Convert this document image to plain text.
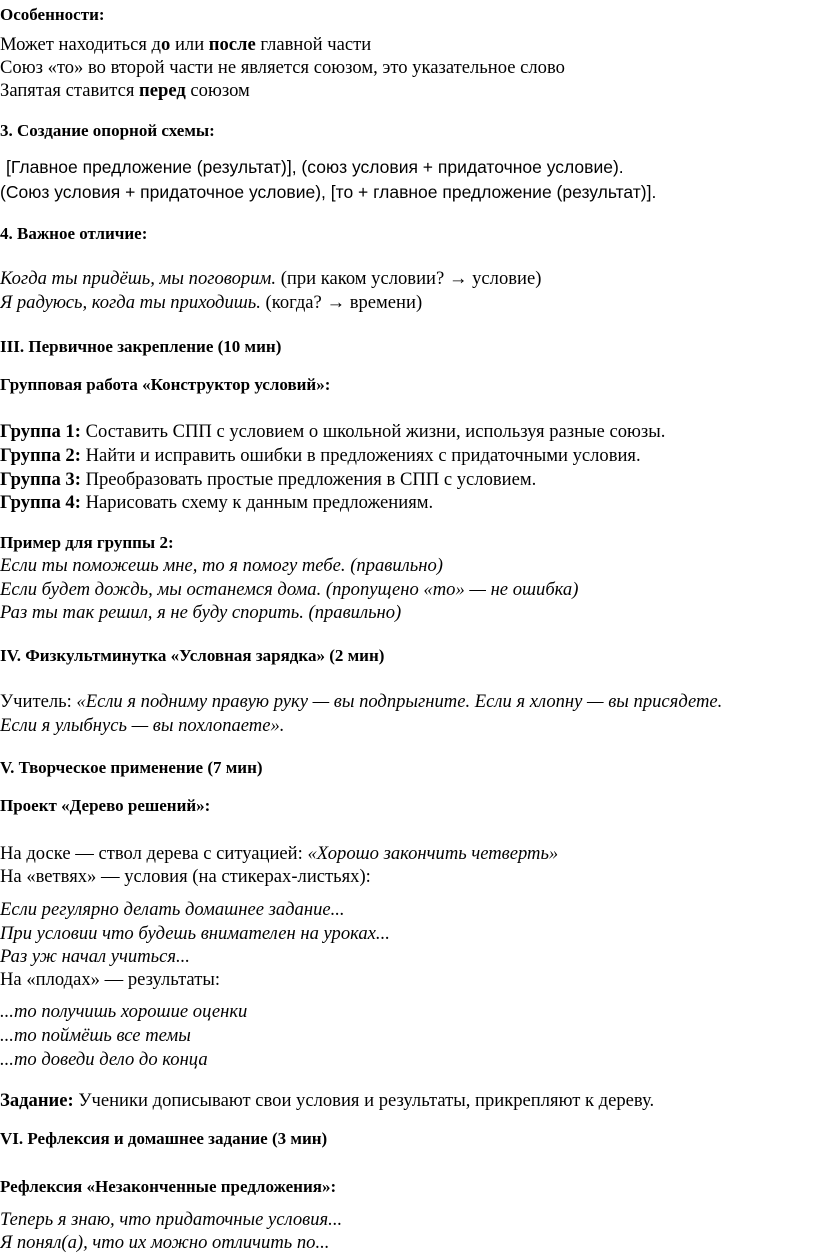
Особенности:
Может находиться до или после главной части
Союз «то» во второй части не является союзом, это указательное слово
Запятая ставится перед союзом
3. Создание опорной схемы:
[Главное предложение (результат)], (союз условия + придаточное условие).
(Союз условия + придаточное условие), [то + главное предложение (результат)].
4. Важное отличие:
Когда ты придёшь, мы поговорим. (при каком условии? → условие)
Я радуюсь, когда ты приходишь. (когда? → времени)
III. Первичное закрепление (10 мин)
Групповая работа «Конструктор условий»:
Группа 1: Составить СПП с условием о школьной жизни, используя разные союзы.
Группа 2: Найти и исправить ошибки в предложениях с придаточными условия.
Группа 3: Преобразовать простые предложения в СПП с условием.
Группа 4: Нарисовать схему к данным предложениям.
Пример для группы 2:
Если ты поможешь мне, то я помогу тебе. (правильно)
Если будет дождь, мы останемся дома. (пропущено «то» — не ошибка)
Раз ты так решил, я не буду спорить. (правильно)
IV. Физкультминутка «Условная зарядка» (2 мин)
Учитель: «Если я подниму правую руку — вы подпрыгните. Если я хлопну — вы присядете.
Если я улыбнусь — вы похлопаете».
V. Творческое применение (7 мин)
Проект «Дерево решений»:
На доске — ствол дерева с ситуацией: «Хорошо закончить четверть»
На «ветвях» — условия (на стикерах-листьях):
Если регулярно делать домашнее задание...
При условии что будешь внимателен на уроках...
Раз уж начал учиться...
На «плодах» — результаты:
...то получишь хорошие оценки
...то поймёшь все темы
...то доведи дело до конца
Задание: Ученики дописывают свои условия и результаты, прикрепляют к дереву.
VI. Рефлексия и домашнее задание (3 мин)
Рефлексия «Незаконченные предложения»:
Теперь я знаю, что придаточные условия...
Я понял(а), что их можно отличить по...
